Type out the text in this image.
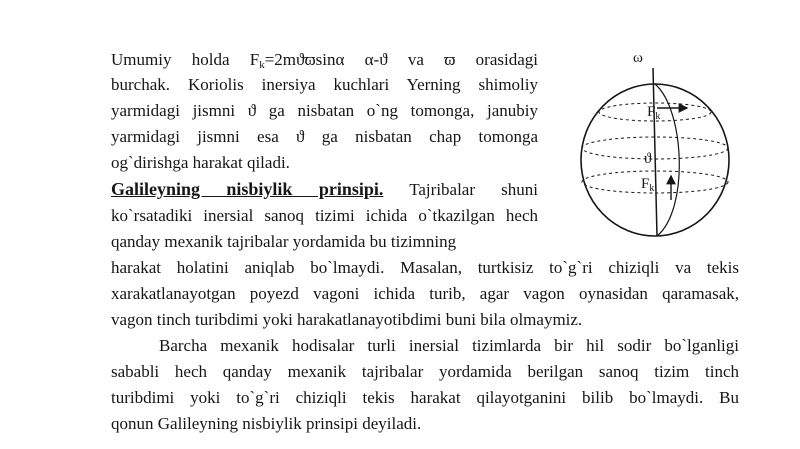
Umumiy holda $F_k=2mϑϖ\sin\alpha$ α-ϑ va ϖ orasidagi
burchak. Koriolis inersiya kuchlari Yerning shimoliy
yarmidagi jismni ϑ ga nisbatan o`ng tomonga, janubiy
yarmidagi jismni esa ϑ ga nisbatan chap tomonga
og`dirishga harakat qiladi.
Galileyning nisbiylik prinsipi. Tajribalar shuni
ko`rsatadiki inersial sanoq tizimi ichida o`tkazilgan hech
qanday mexanik tajribalar yordamida bu tizimning
harakat holatini aniqlab bo`lmaydi. Masalan, turtkisiz to`g`ri chiziqli va tekis
xarakatlanayotgan poyezd vagoni ichida turib, agar vagon oynasidan qaramasak,
vagon tinch turibdimi yoki harakatlanayotibdimi buni bila olmaymiz.
Barcha mexanik hodisalar turli inersial tizimlarda bir hil sodir bo`lganligi
sababli hech qanday mexanik tajribalar yordamida berilgan sanoq tizim tinch
turibdimi yoki to`g`ri chiziqli tekis harakat qilayotganini bilib bo`lmaydi. Bu
qonun Galileyning nisbiylik prinsipi deyiladi.
ω
$F_k$
ϑ
$F_k$
